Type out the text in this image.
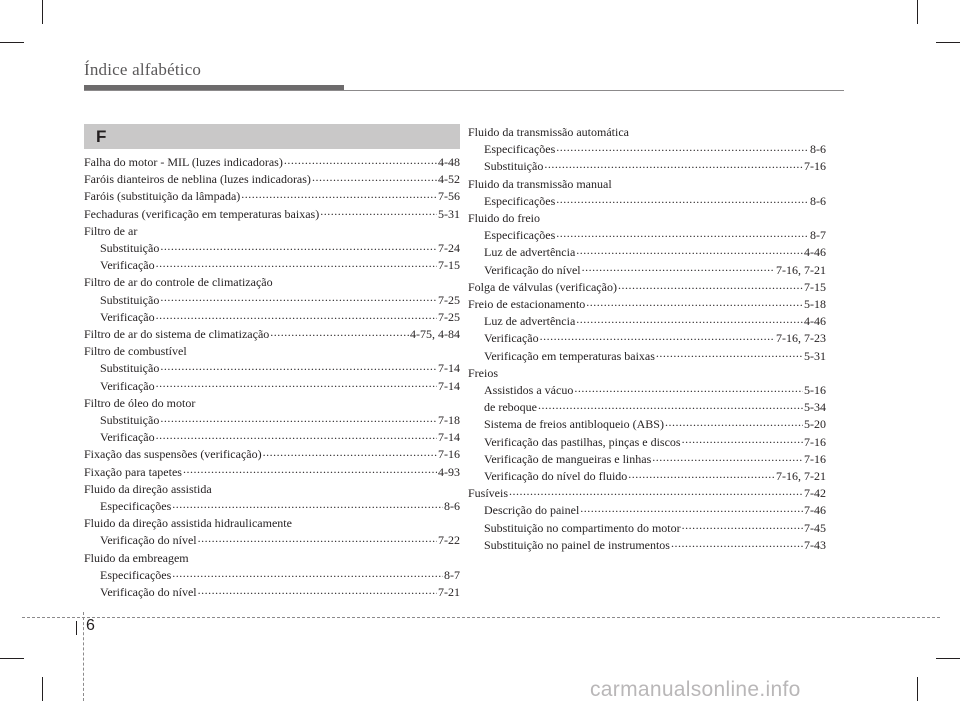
Índice alfabético
F
Falha do motor - MIL (luzes indicadoras) .....	4-48
Faróis dianteiros de neblina (luzes indicadoras) .....	4-52
Faróis (substituição da lâmpada) .....	7-56
Fechaduras (verificação em temperaturas baixas) .....	5-31
Filtro de ar
Substituição .....	7-24
Verificação .....	7-15
Filtro de ar do controle de climatização
Substituição .....	7-25
Verificação .....	7-25
Filtro de ar do sistema de climatização .....	4-75, 4-84
Filtro de combustível
Substituição .....	7-14
Verificação .....	7-14
Filtro de óleo do motor
Substituição .....	7-18
Verificação .....	7-14
Fixação das suspensões (verificação) .....	7-16
Fixação para tapetes .....	4-93
Fluido da direção assistida
Especificações .....	8-6
Fluido da direção assistida hidraulicamente
Verificação do nível .....	7-22
Fluido da embreagem
Especificações .....	8-7
Verificação do nível .....	7-21
Fluido da transmissão automática
Especificações .....	8-6
Substituição .....	7-16
Fluido da transmissão manual
Especificações .....	8-6
Fluido do freio
Especificações .....	8-7
Luz de advertência .....	4-46
Verificação do nível .....	7-16, 7-21
Folga de válvulas (verificação) .....	7-15
Freio de estacionamento .....	5-18
Luz de advertência .....	4-46
Verificação .....	7-16, 7-23
Verificação em temperaturas baixas .....	5-31
Freios
Assistidos a vácuo .....	5-16
de reboque .....	5-34
Sistema de freios antibloqueio (ABS) .....	5-20
Verificação das pastilhas, pinças e discos .....	7-16
Verificação de mangueiras e linhas .....	7-16
Verificação do nível do fluido .....	7-16, 7-21
Fusíveis .....	7-42
Descrição do painel .....	7-46
Substituição no compartimento do motor .....	7-45
Substituição no painel de instrumentos .....	7-43
6
carmanualsonline.info
